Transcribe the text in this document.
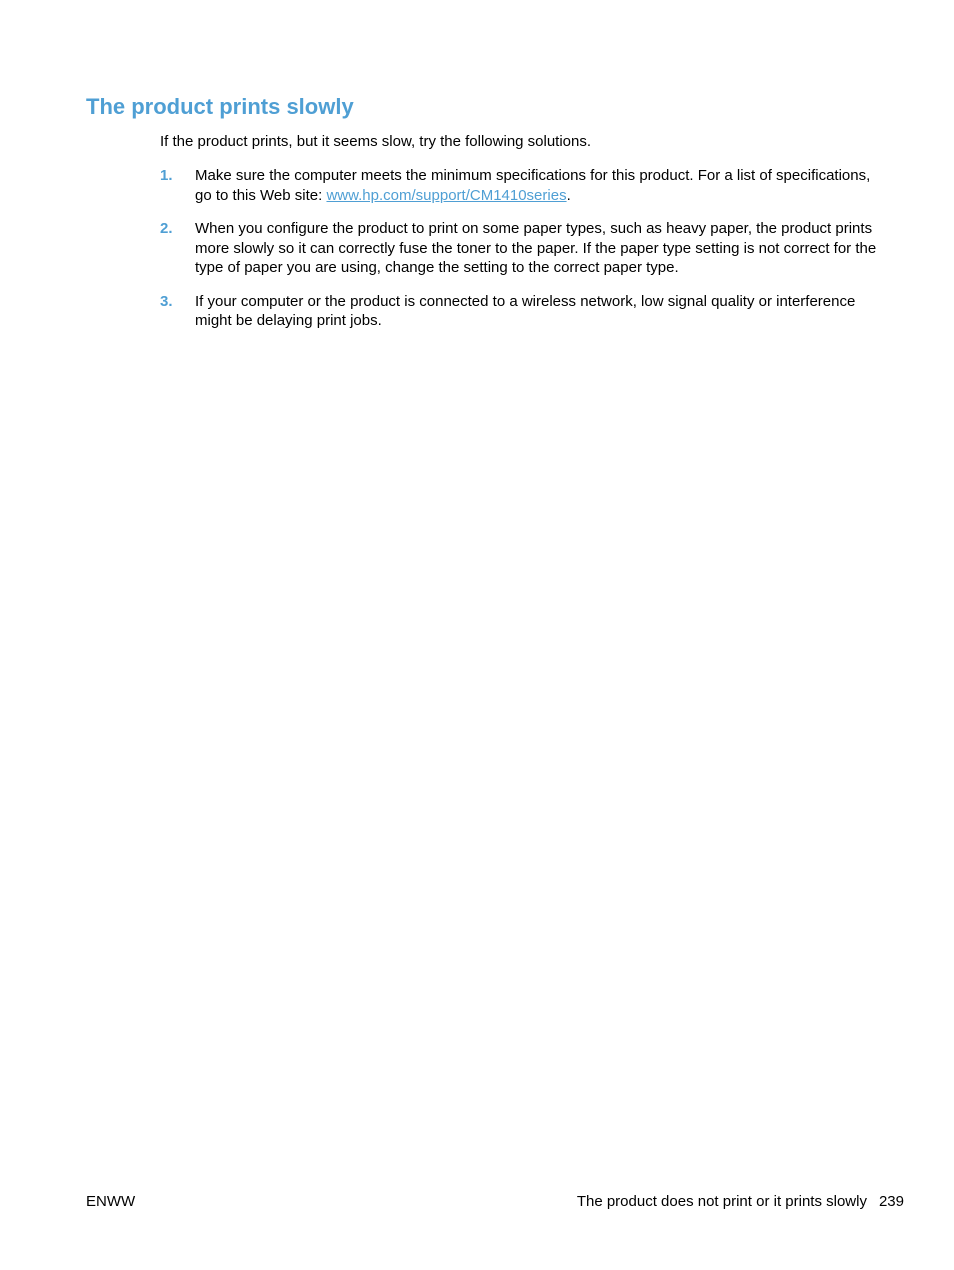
The product prints slowly

If the product prints, but it seems slow, try the following solutions.

1. Make sure the computer meets the minimum specifications for this product. For a list of specifications, go to this Web site: www.hp.com/support/CM1410series.
2. When you configure the product to print on some paper types, such as heavy paper, the product prints more slowly so it can correctly fuse the toner to the paper. If the paper type setting is not correct for the type of paper you are using, change the setting to the correct paper type.
3. If your computer or the product is connected to a wireless network, low signal quality or interference might be delaying print jobs.
ENWW	The product does not print or it prints slowly 239
